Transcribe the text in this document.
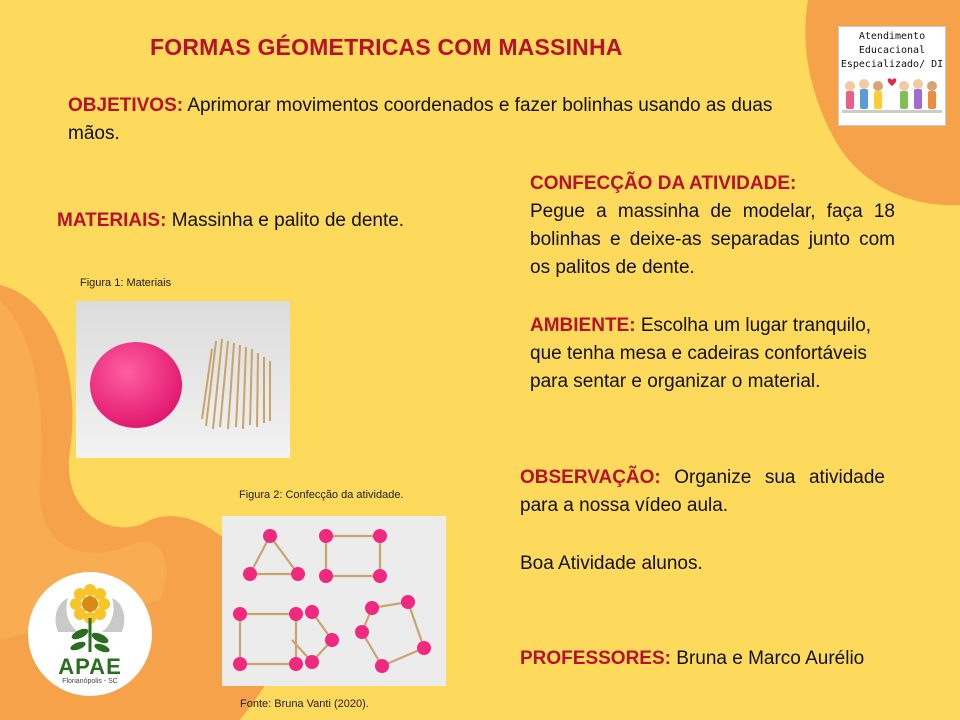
FORMAS GÉOMETRICAS COM MASSINHA	Atendimento
Educacional
Especializado/ DI
OBJETIVOS: Aprimorar movimentos coordenados e fazer bolinhas usando as duas mãos.
MATERIAIS: Massinha e palito de dente.
CONFECÇÃO DA ATIVIDADE:
Pegue a massinha de modelar, faça 18 bolinhas e deixe-as separadas junto com os palitos de dente.
AMBIENTE: Escolha um lugar tranquilo, que tenha mesa e cadeiras confortáveis para sentar e organizar o material.
OBSERVAÇÃO: Organize sua atividade para a nossa vídeo aula.
Boa Atividade alunos.
PROFESSORES: Bruna e Marco Aurélio
Figura 1: Materiais
Figura 2: Confecção da atividade.
Fonte: Bruna Vanti (2020).
APAE
Florianópolis - SC
